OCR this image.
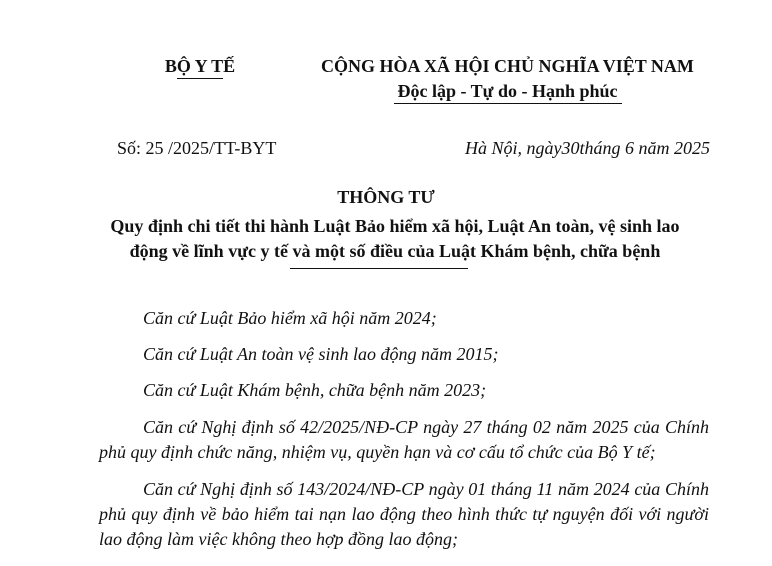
BỘ Y TẾ	CỘNG HÒA XÃ HỘI CHỦ NGHĨA VIỆT NAM

Độc lập - Tự do - Hạnh phúc

Số: 25 /2025/TT-BYT	Hà Nội, ngày30tháng 6 năm 2025

THÔNG TƯ

Quy định chi tiết thi hành Luật Bảo hiểm xã hội, Luật An toàn, vệ sinh lao động về lĩnh vực y tế và một số điều của Luật Khám bệnh, chữa bệnh

Căn cứ Luật Bảo hiểm xã hội năm 2024;

Căn cứ Luật An toàn vệ sinh lao động năm 2015;

Căn cứ Luật Khám bệnh, chữa bệnh năm 2023;

Căn cứ Nghị định số 42/2025/NĐ-CP ngày 27 tháng 02 năm 2025 của Chính phủ quy định chức năng, nhiệm vụ, quyền hạn và cơ cấu tổ chức của Bộ Y tế;

Căn cứ Nghị định số 143/2024/NĐ-CP ngày 01 tháng 11 năm 2024 của Chính phủ quy định về bảo hiểm tai nạn lao động theo hình thức tự nguyện đối với người lao động làm việc không theo hợp đồng lao động;
